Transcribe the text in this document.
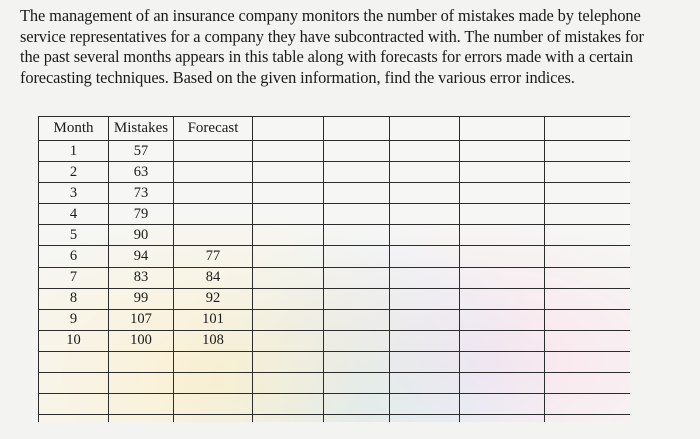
The management of an insurance company monitors the number of mistakes made by telephone
service representatives for a company they have subcontracted with. The number of mistakes for
the past several months appears in this table along with forecasts for errors made with a certain
forecasting techniques. Based on the given information, find the various error indices.
Month	Mistakes	Forecast					
1	57						
2	63						
3	73						
4	79						
5	90						
6	94	77					
7	83	84					
8	99	92					
9	107	101					
10	100	108					
